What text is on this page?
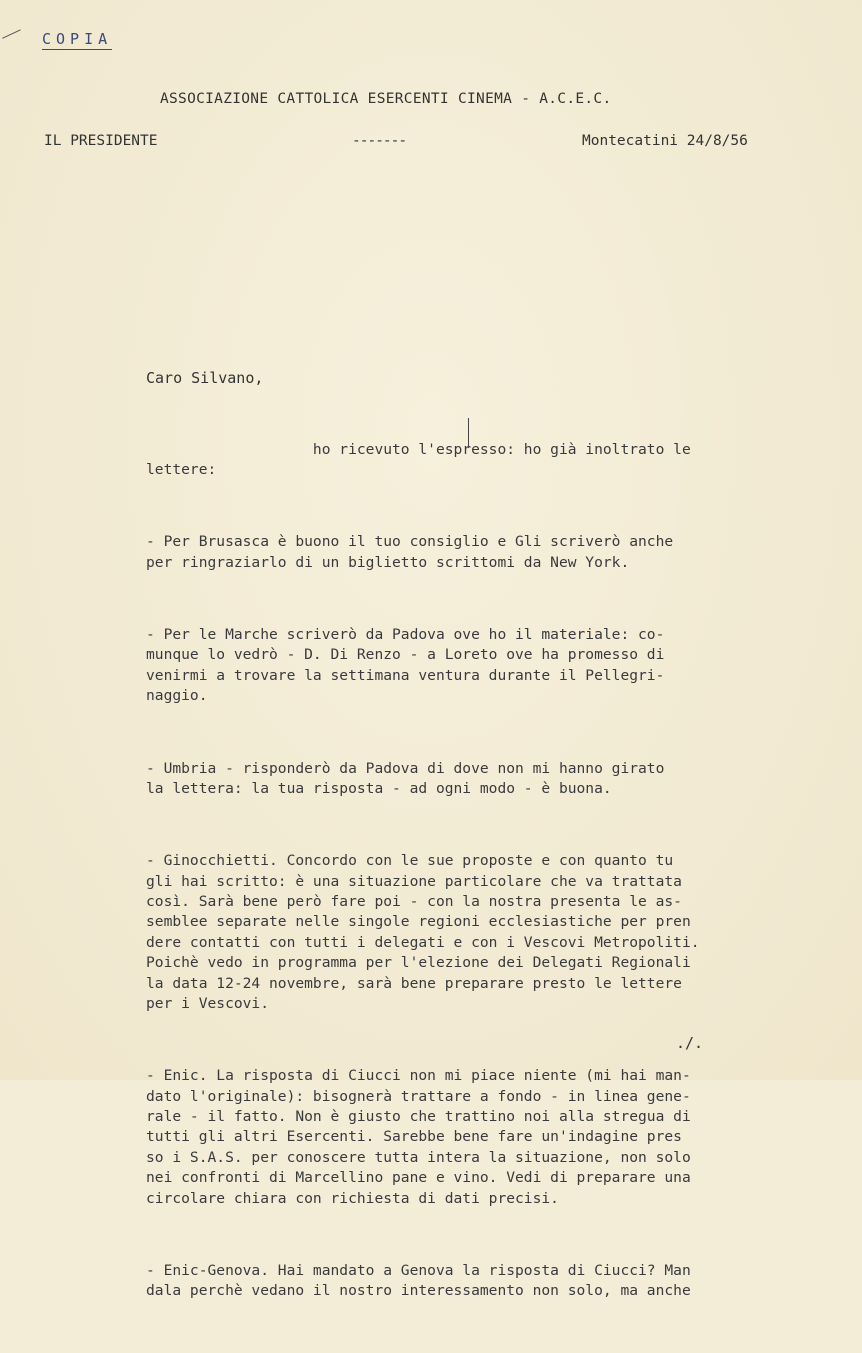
COPIA
ASSOCIAZIONE CATTOLICA ESERCENTI CINEMA - A.C.E.C.
IL PRESIDENTE	-------	Montecatini 24/8/56
Caro Silvano,

ho ricevuto l'espresso: ho già inoltrato le
lettere:

- Per Brusasca è buono il tuo consiglio e Gli scriverò anche
per ringraziarlo di un biglietto scrittomi da New York.

- Per le Marche scriverò da Padova ove ho il materiale: co-
munque lo vedrò - D. Di Renzo - a Loreto ove ha promesso di
venirmi a trovare la settimana ventura durante il Pellegri-
naggio.

- Umbria - risponderò da Padova di dove non mi hanno girato
la lettera: la tua risposta - ad ogni modo - è buona.

- Ginocchietti. Concordo con le sue proposte e con quanto tu
gli hai scritto: è una situazione particolare che va trattata
così. Sarà bene però fare poi - con la nostra presenta le as-
semblee separate nelle singole regioni ecclesiastiche per pren
dere contatti con tutti i delegati e con i Vescovi Metropoliti.
Poichè vedo in programma per l'elezione dei Delegati Regionali
la data 12-24 novembre, sarà bene preparare presto le lettere
per i Vescovi.

- Enic. La risposta di Ciucci non mi piace niente (mi hai man-
dato l'originale): bisognerà trattare a fondo - in linea gene-
rale - il fatto. Non è giusto che trattino noi alla stregua di
tutti gli altri Esercenti. Sarebbe bene fare un'indagine pres
so i S.A.S. per conoscere tutta intera la situazione, non solo
nei confronti di Marcellino pane e vino. Vedi di preparare una
circolare chiara con richiesta di dati precisi.

- Enic-Genova. Hai mandato a Genova la risposta di Ciucci? Man
dala perchè vedano il nostro interessamento non solo, ma anche

./.
